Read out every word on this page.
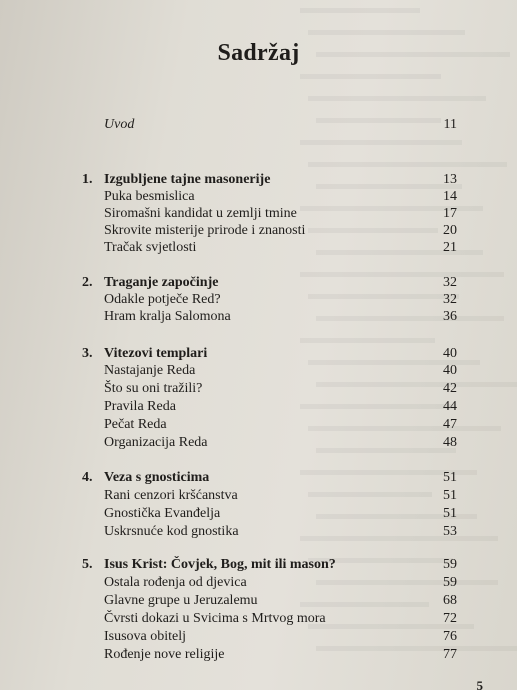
Sadržaj
Uvod	11
1. Izgubljene tajne masonerije	13
Puka besmislica	14
Siromašni kandidat u zemlji tmine	17
Skrovite misterije prirode i znanosti	20
Tračak svjetlosti	21
2. Traganje započinje	32
Odakle potječe Red?	32
Hram kralja Salomona	36
3. Vitezovi templari	40
Nastajanje Reda	40
Što su oni tražili?	42
Pravila Reda	44
Pečat Reda	47
Organizacija Reda	48
4. Veza s gnosticima	51
Rani cenzori kršćanstva	51
Gnostička Evanđelja	51
Uskrsnuće kod gnostika	53
5. Isus Krist: Čovjek, Bog, mit ili mason?	59
Ostala rođenja od djevica	59
Glavne grupe u Jeruzalemu	68
Čvrsti dokazi u Svicima s Mrtvog mora	72
Isusova obitelj	76
Rođenje nove religije	77
5
